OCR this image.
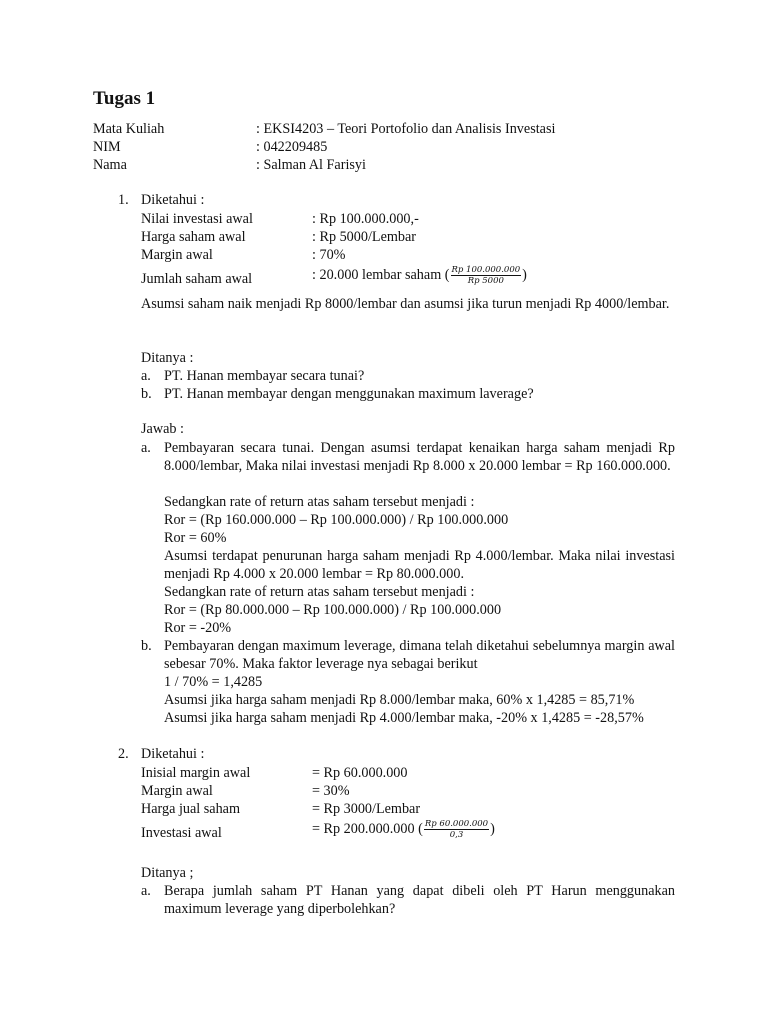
Tugas 1
Mata Kuliah	: EKSI4203 – Teori Portofolio dan Analisis Investasi
NIM	: 042209485
Nama	: Salman Al Farisyi
1. Diketahui :
Nilai investasi awal	: Rp 100.000.000,-
Harga saham awal	: Rp 5000/Lembar
Margin awal	: 70%
Jumlah saham awal	: 20.000 lembar saham ( $\frac{Rp 100.000.000}{Rp 5000}$ )
Asumsi saham naik menjadi Rp 8000/lembar dan asumsi jika turun menjadi Rp 4000/lembar.
Ditanya :
a. PT. Hanan membayar secara tunai?
b. PT. Hanan membayar dengan menggunakan maximum laverage?
Jawab :
a. Pembayaran secara tunai. Dengan asumsi terdapat kenaikan harga saham menjadi Rp 8.000/lembar, Maka nilai investasi menjadi Rp 8.000 x 20.000 lembar = Rp 160.000.000.
Sedangkan rate of return atas saham tersebut menjadi :
Ror = (Rp 160.000.000 – Rp 100.000.000) / Rp 100.000.000
Ror = 60%
Asumsi terdapat penurunan harga saham menjadi Rp 4.000/lembar. Maka nilai investasi menjadi Rp 4.000 x 20.000 lembar = Rp 80.000.000.
Sedangkan rate of return atas saham tersebut menjadi :
Ror = (Rp 80.000.000 – Rp 100.000.000) / Rp 100.000.000
Ror = -20%
b. Pembayaran dengan maximum leverage, dimana telah diketahui sebelumnya margin awal sebesar 70%. Maka faktor leverage nya sebagai berikut
1 / 70% = 1,4285
Asumsi jika harga saham menjadi Rp 8.000/lembar maka, 60% x 1,4285 = 85,71%
Asumsi jika harga saham menjadi Rp 4.000/lembar maka, -20% x 1,4285 = -28,57%
2. Diketahui :
Inisial margin awal	= Rp 60.000.000
Margin awal	= 30%
Harga jual saham	= Rp 3000/Lembar
Investasi awal	= Rp 200.000.000 ( $\frac{Rp 60.000.000}{0,3}$ )
Ditanya ;
a. Berapa jumlah saham PT Hanan yang dapat dibeli oleh PT Harun menggunakan maximum leverage yang diperbolehkan?
